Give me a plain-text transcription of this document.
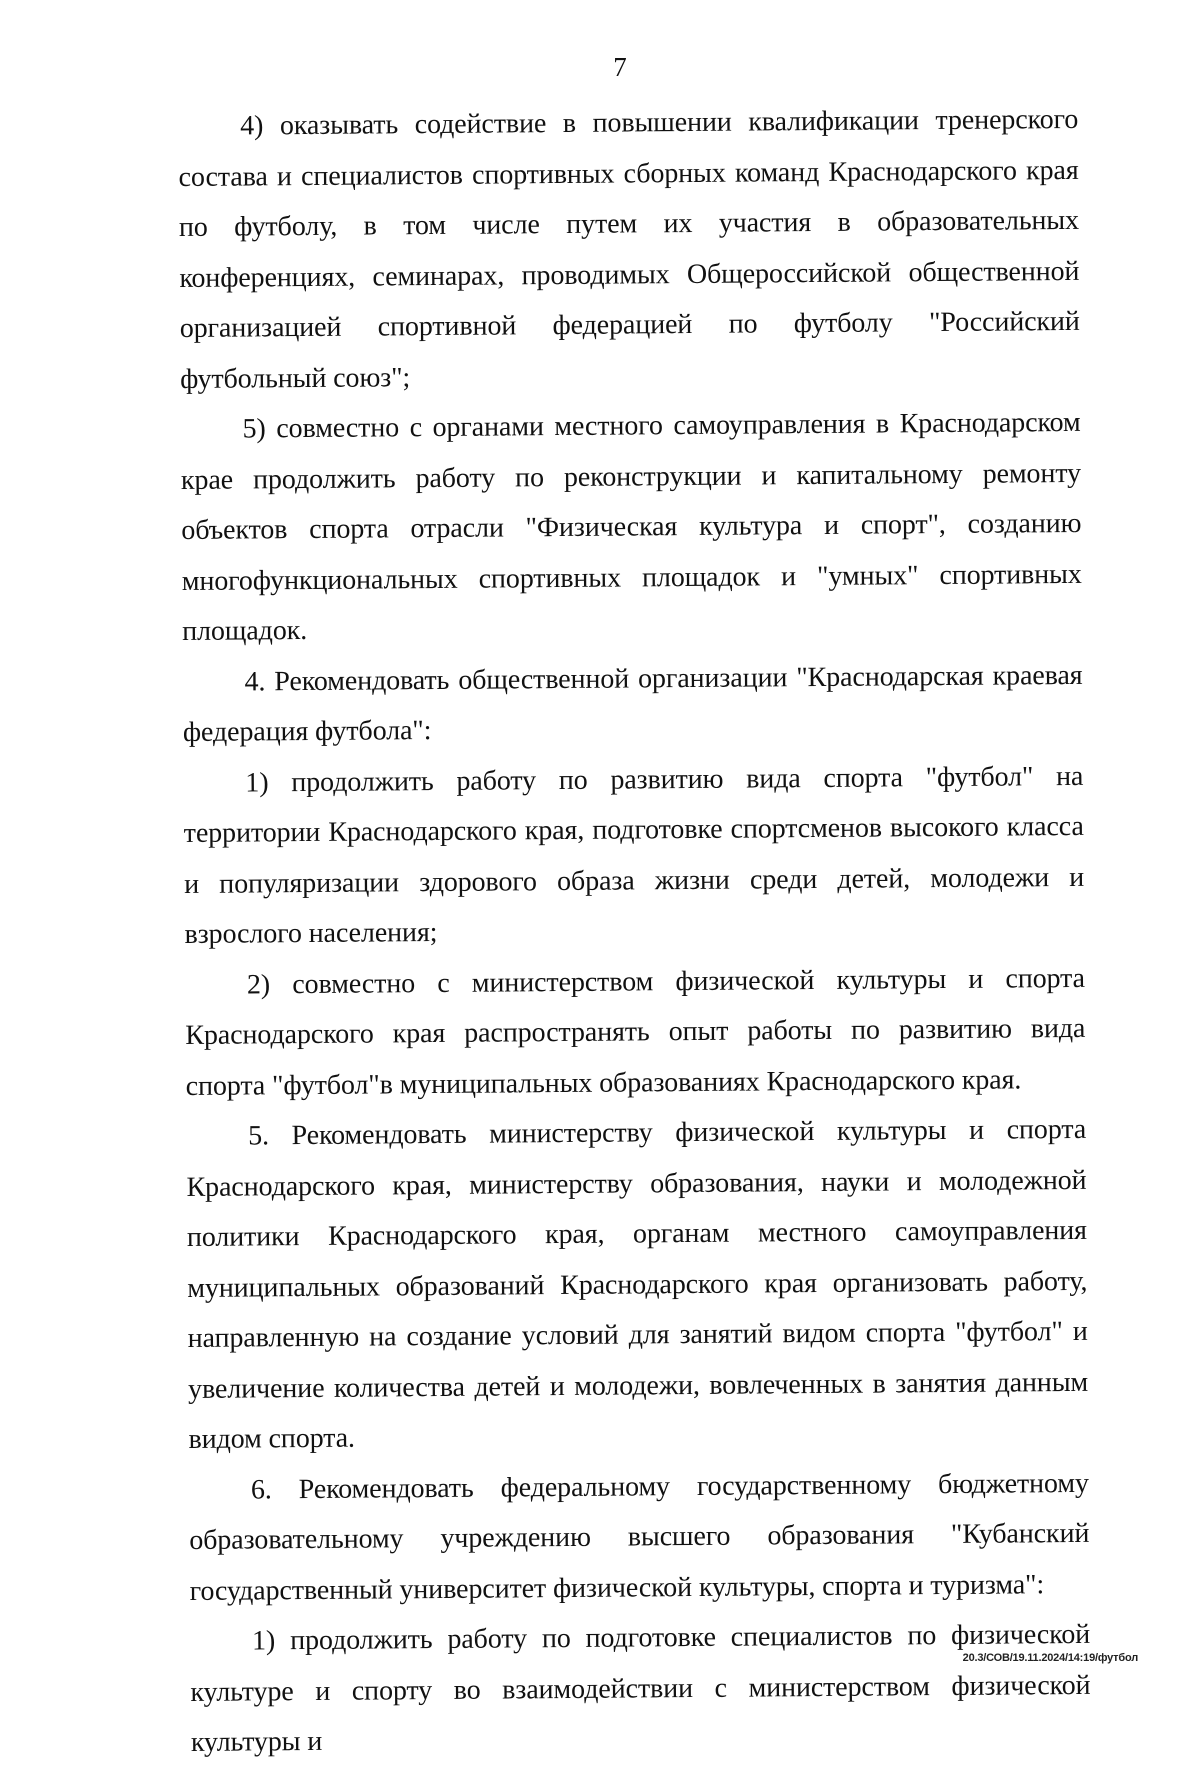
7

4) оказывать содействие в повышении квалификации тренерского состава и специалистов спортивных сборных команд Краснодарского края по футболу, в том числе путем их участия в образовательных конференциях, семинарах, проводимых Общероссийской общественной организацией спортивной федерацией по футболу "Российский футбольный союз";

5) совместно с органами местного самоуправления в Краснодарском крае продолжить работу по реконструкции и капитальному ремонту объектов спорта отрасли "Физическая культура и спорт", созданию многофункциональных спортивных площадок и "умных" спортивных площадок.

4. Рекомендовать общественной организации "Краснодарская краевая федерация футбола":

1) продолжить работу по развитию вида спорта "футбол" на территории Краснодарского края, подготовке спортсменов высокого класса и популяризации здорового образа жизни среди детей, молодежи и взрослого населения;

2) совместно с министерством физической культуры и спорта Краснодарского края распространять опыт работы по развитию вида спорта "футбол"в муниципальных образованиях Краснодарского края.

5. Рекомендовать министерству физической культуры и спорта Краснодарского края, министерству образования, науки и молодежной политики Краснодарского края, органам местного самоуправления муниципальных образований Краснодарского края организовать работу, направленную на создание условий для занятий видом спорта "футбол" и увеличение количества детей и молодежи, вовлеченных в занятия данным видом спорта.

6. Рекомендовать федеральному государственному бюджетному образовательному учреждению высшего образования "Кубанский государственный университет физической культуры, спорта и туризма":

1) продолжить работу по подготовке специалистов по физической культуре и спорту во взаимодействии с министерством физической культуры и

20.3/СОВ/19.11.2024/14:19/футбол
